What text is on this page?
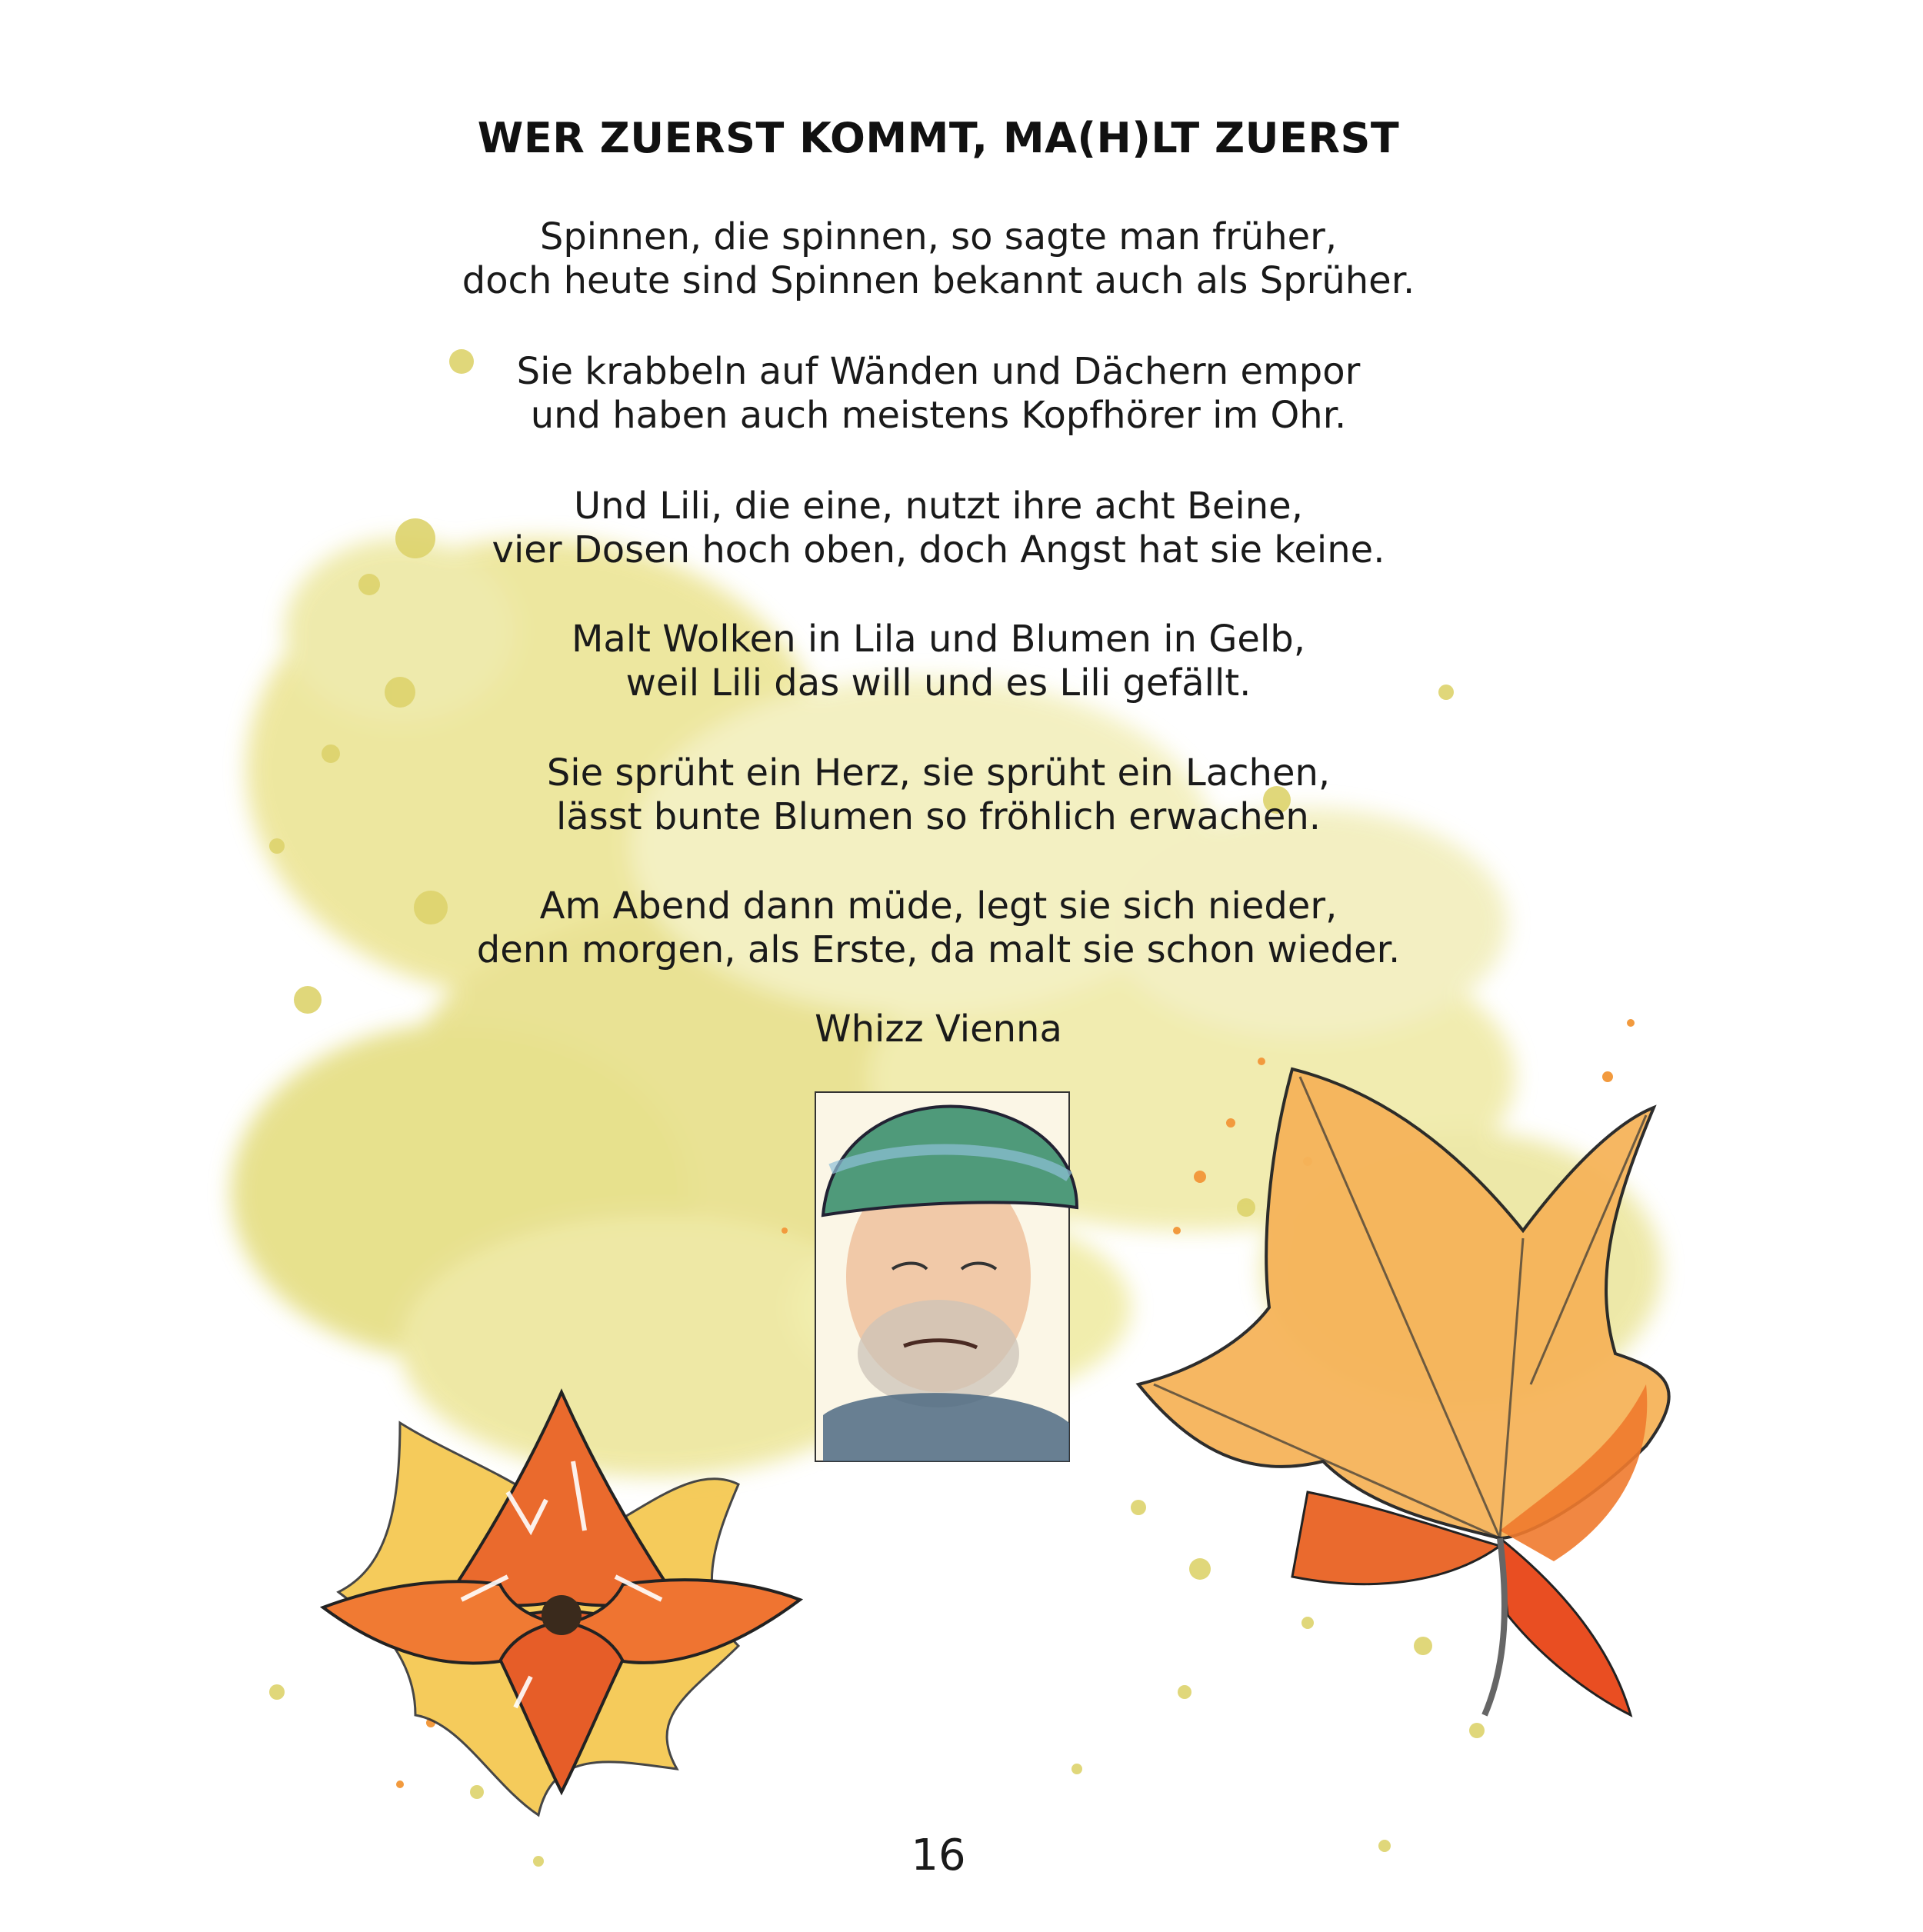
WER ZUERST KOMMT, MA(H)LT ZUERST
Spinnen, die spinnen, so sagte man früher,
doch heute sind Spinnen bekannt auch als Sprüher.
Sie krabbeln auf Wänden und Dächern empor
und haben auch meistens Kopfhörer im Ohr.
Und Lili, die eine, nutzt ihre acht Beine,
vier Dosen hoch oben, doch Angst hat sie keine.
Malt Wolken in Lila und Blumen in Gelb,
weil Lili das will und es Lili gefällt.
Sie sprüht ein Herz, sie sprüht ein Lachen,
lässt bunte Blumen so fröhlich erwachen.
Am Abend dann müde, legt sie sich nieder,
denn morgen, als Erste, da malt sie schon wieder.
Whizz Vienna
16
